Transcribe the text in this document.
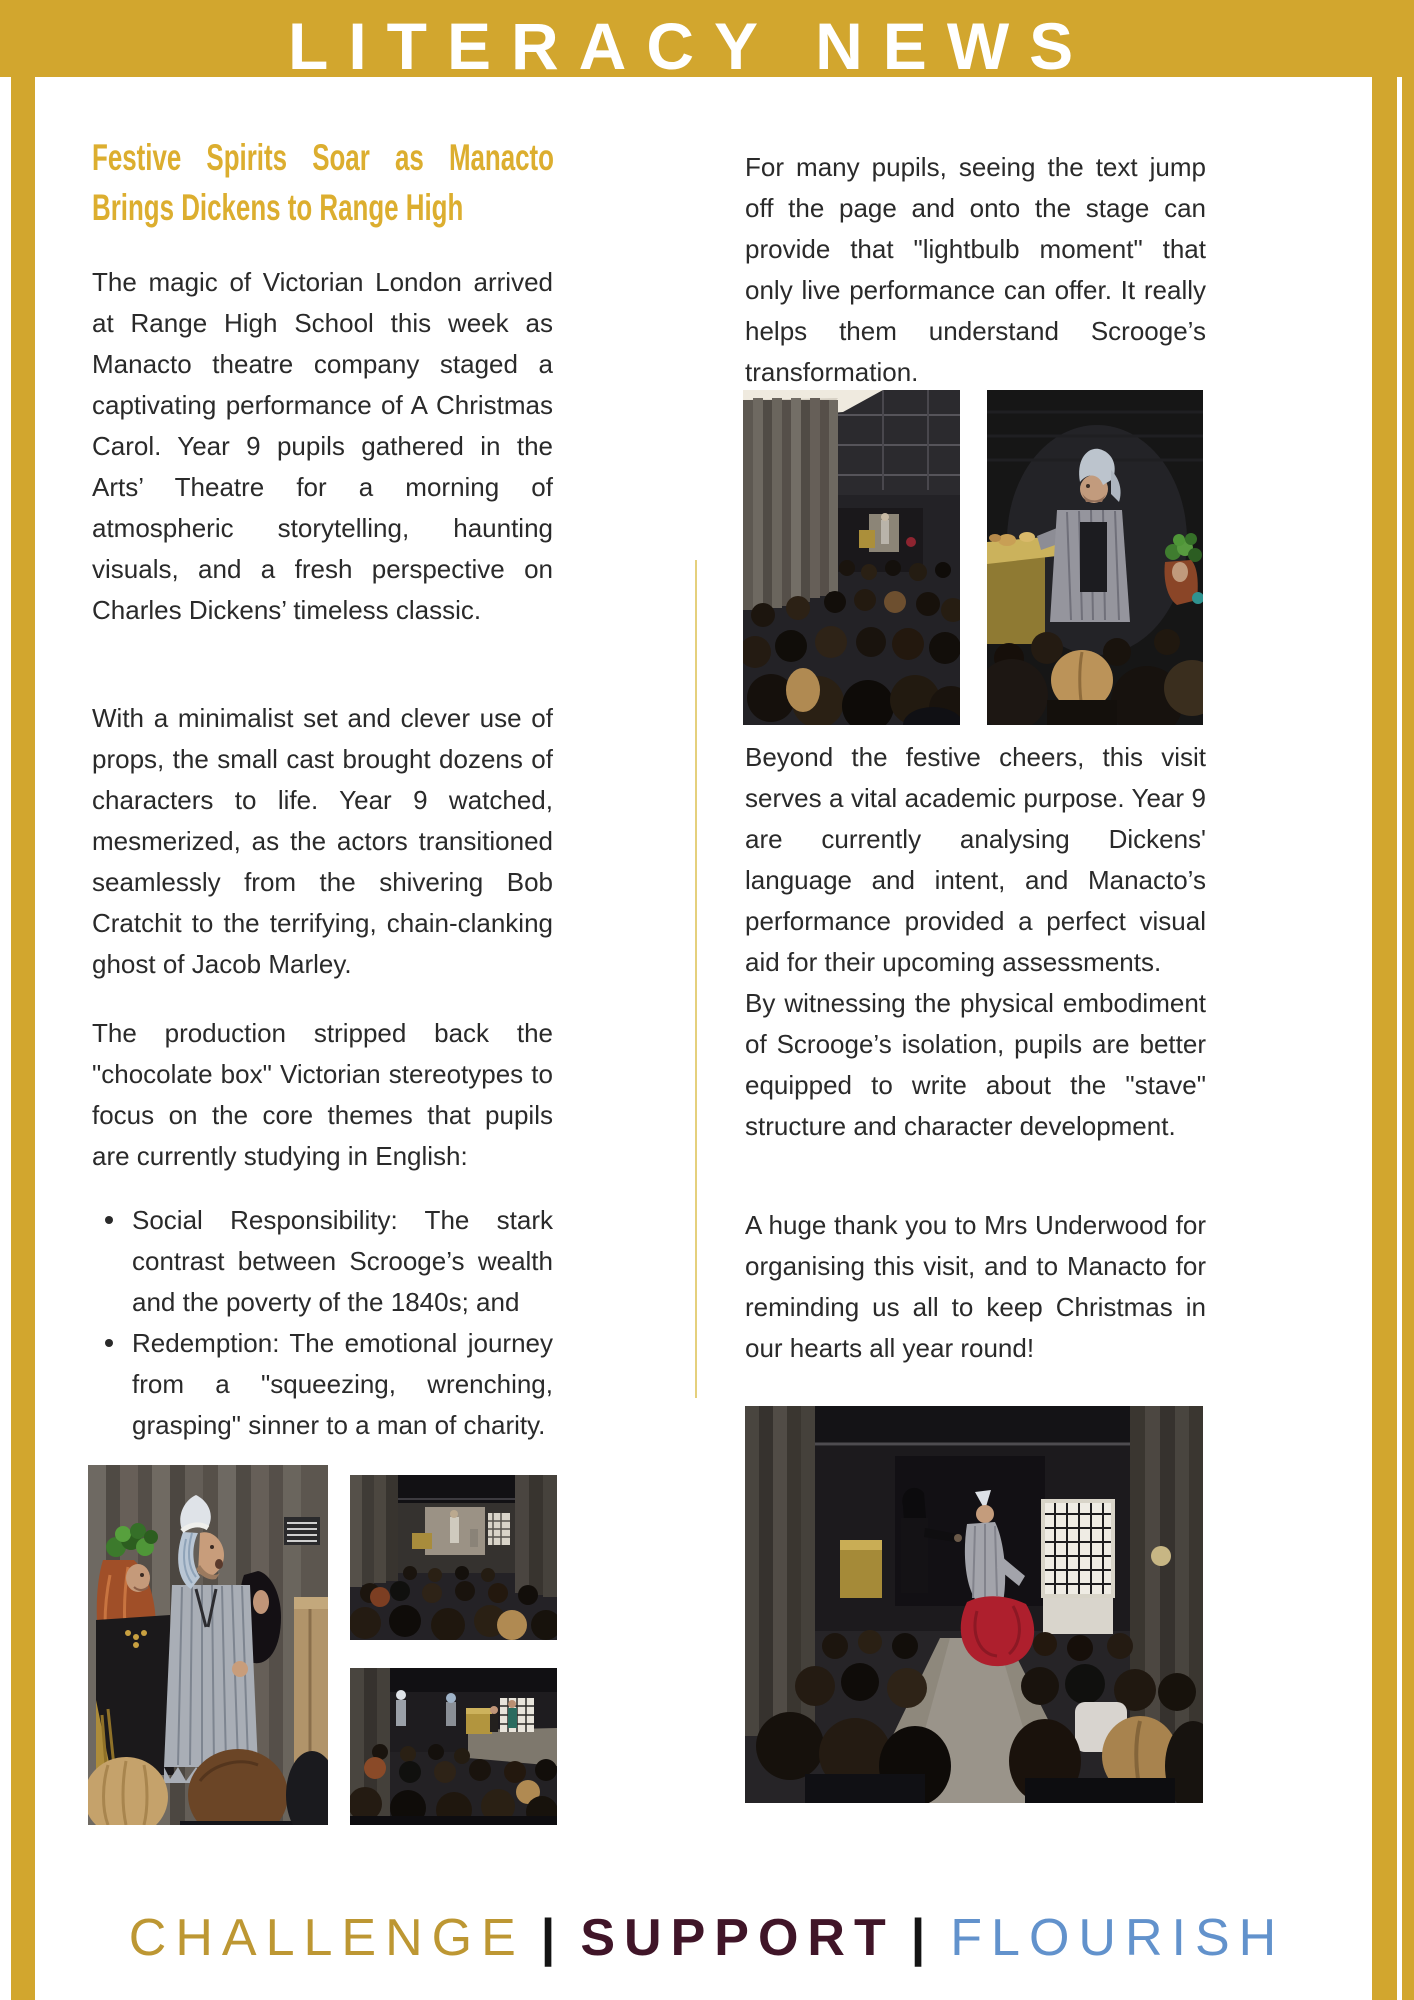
LITERACY NEWS
Festive Spirits Soar as Manacto Brings Dickens to Range High

The magic of Victorian London arrived at Range High School this week as Manacto theatre company staged a captivating performance of A Christmas Carol. Year 9 pupils gathered in the Arts’ Theatre for a morning of atmospheric storytelling, haunting visuals, and a fresh perspective on Charles Dickens’ timeless classic.

With a minimalist set and clever use of props, the small cast brought dozens of characters to life. Year 9 watched, mesmerized, as the actors transitioned seamlessly from the shivering Bob Cratchit to the terrifying, chain-clanking ghost of Jacob Marley.

The production stripped back the "chocolate box" Victorian stereotypes to focus on the core themes that pupils are currently studying in English:

Social Responsibility: The stark contrast between Scrooge’s wealth and the poverty of the 1840s; and
Redemption: The emotional journey from a "squeezing, wrenching, grasping" sinner to a man of charity.

For many pupils, seeing the text jump off the page and onto the stage can provide that "lightbulb moment" that only live performance can offer. It really helps them understand Scrooge’s transformation.

Beyond the festive cheers, this visit serves a vital academic purpose. Year 9 are currently analysing Dickens' language and intent, and Manacto’s performance provided a perfect visual aid for their upcoming assessments.

By witnessing the physical embodiment of Scrooge’s isolation, pupils are better equipped to write about the "stave" structure and character development.

A huge thank you to Mrs Underwood for organising this visit, and to Manacto for reminding us all to keep Christmas in our hearts all year round!

CHALLENGE | SUPPORT | FLOURISH
